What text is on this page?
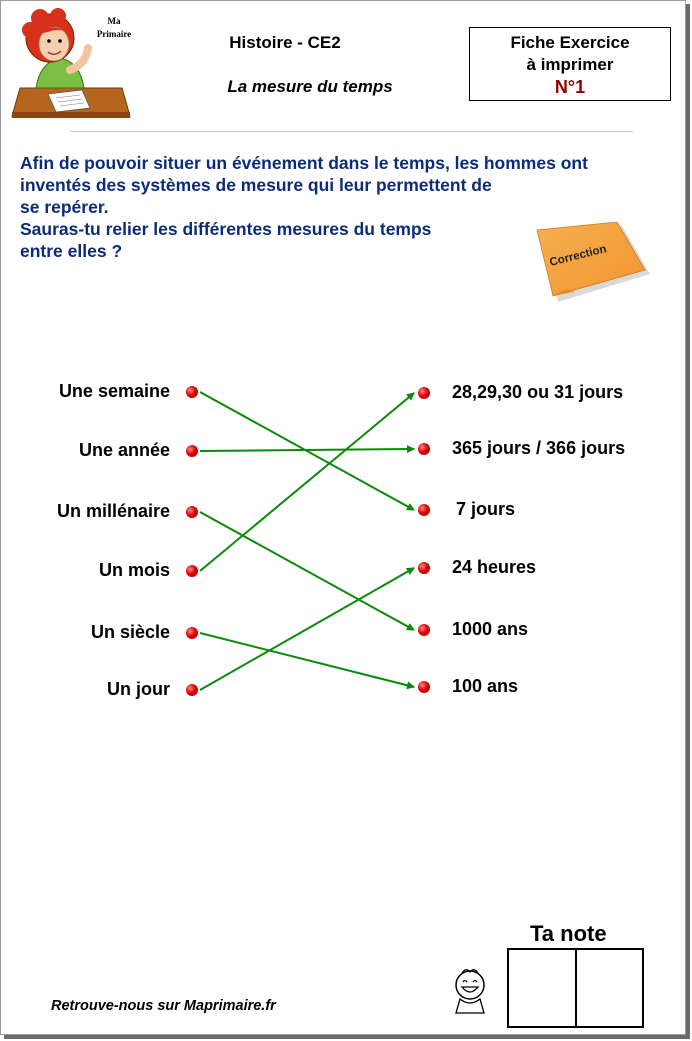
Ma
Primaire	Histoire - CE2
La mesure du temps
Fiche Exercice
à imprimer
N°1
Afin de pouvoir situer un événement dans le temps, les hommes ont
inventés des systèmes de mesure qui leur permettent de
se repérer.
Sauras-tu relier les différentes mesures du temps
entre elles ?	Correction
Une semaine
Une année
Un millénaire
Un mois
Un siècle
Un jour
28,29,30 ou 31 jours
365 jours / 366 jours
7 jours
24 heures
1000 ans
100 ans
Retrouve-nous sur Maprimaire.fr
Ta note
